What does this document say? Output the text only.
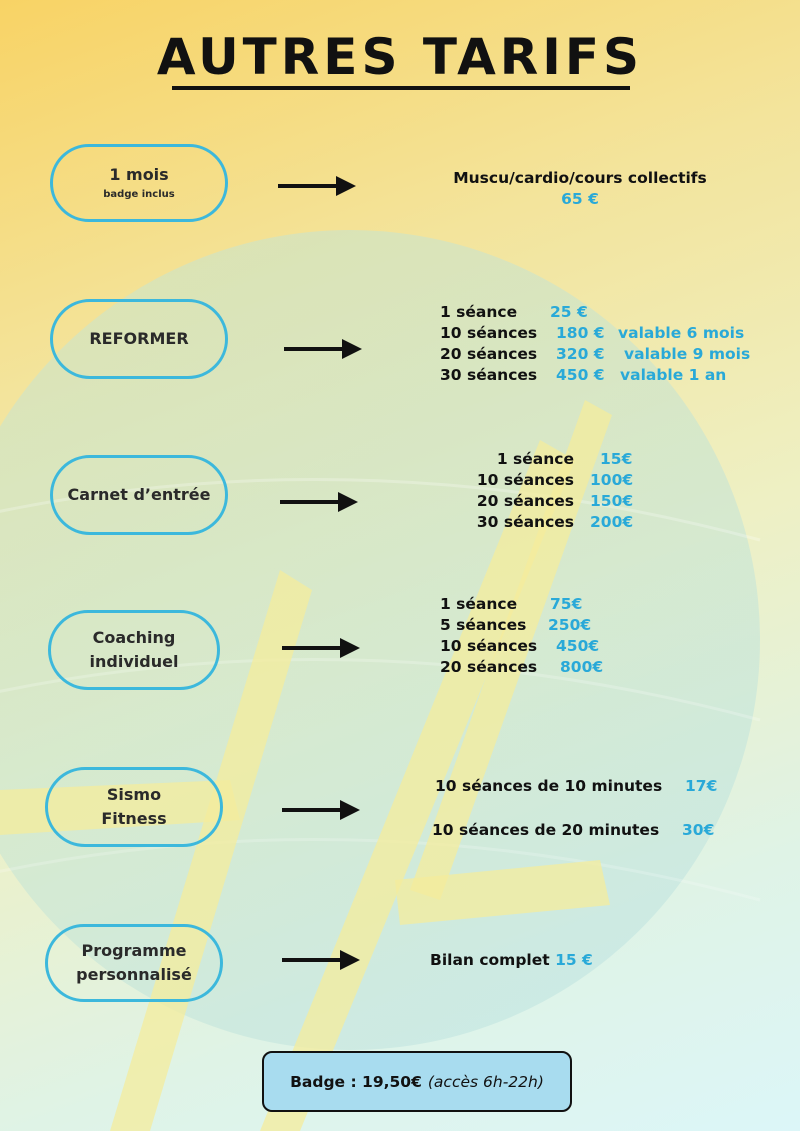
AUTRES TARIFS
1 mois
badge inclus
Muscu/cardio/cours collectifs
65 €
REFORMER
1 séance 25 €
10 séances 180 € valable 6 mois
20 séances 320 € valable 9 mois
30 séances 450 € valable 1 an
Carnet d’entrée
1 séance 15€
10 séances 100€
20 séances 150€
30 séances 200€
Coaching
individuel
1 séance 75€
5 séances 250€
10 séances 450€
20 séances 800€
Sismo
Fitness
10 séances de 10 minutes 17€
10 séances de 20 minutes 30€
Programme
personnalisé
Bilan complet 15 €
Badge : 19,50€ (accès 6h-22h)
